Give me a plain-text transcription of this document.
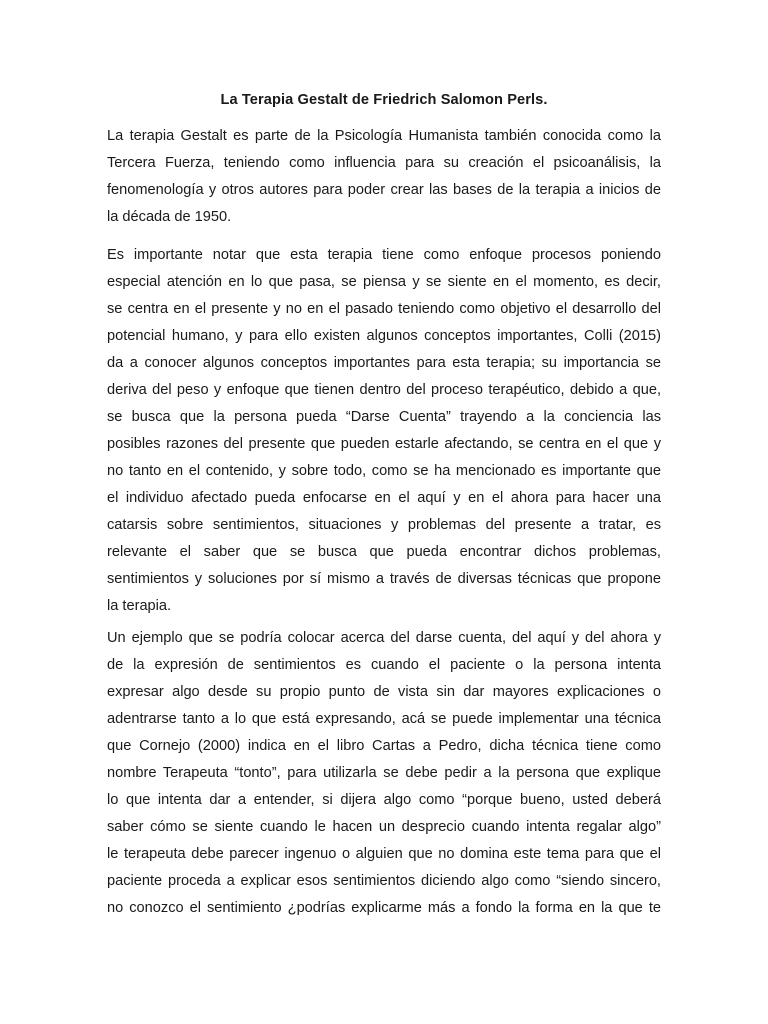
La Terapia Gestalt de Friedrich Salomon Perls.
La terapia Gestalt es parte de la Psicología Humanista también conocida como la
Tercera Fuerza, teniendo como influencia para su creación el psicoanálisis, la
fenomenología y otros autores para poder crear las bases de la terapia a inicios de
la década de 1950.
Es importante notar que esta terapia tiene como enfoque procesos poniendo
especial atención en lo que pasa, se piensa y se siente en el momento, es decir,
se centra en el presente y no en el pasado teniendo como objetivo el desarrollo del
potencial humano, y para ello existen algunos conceptos importantes, Colli (2015)
da a conocer algunos conceptos importantes para esta terapia; su importancia se
deriva del peso y enfoque que tienen dentro del proceso terapéutico, debido a que,
se busca que la persona pueda “Darse Cuenta” trayendo a la conciencia las
posibles razones del presente que pueden estarle afectando, se centra en el que y
no tanto en el contenido, y sobre todo, como se ha mencionado es importante que
el individuo afectado pueda enfocarse en el aquí y en el ahora para hacer una
catarsis sobre sentimientos, situaciones y problemas del presente a tratar, es
relevante el saber que se busca que pueda encontrar dichos problemas,
sentimientos y soluciones por sí mismo a través de diversas técnicas que propone
la terapia.
Un ejemplo que se podría colocar acerca del darse cuenta, del aquí y del ahora y
de la expresión de sentimientos es cuando el paciente o la persona intenta
expresar algo desde su propio punto de vista sin dar mayores explicaciones o
adentrarse tanto a lo que está expresando, acá se puede implementar una técnica
que Cornejo (2000) indica en el libro Cartas a Pedro, dicha técnica tiene como
nombre Terapeuta “tonto”, para utilizarla se debe pedir a la persona que explique
lo que intenta dar a entender, si dijera algo como “porque bueno, usted deberá
saber cómo se siente cuando le hacen un desprecio cuando intenta regalar algo”
le terapeuta debe parecer ingenuo o alguien que no domina este tema para que el
paciente proceda a explicar esos sentimientos diciendo algo como “siendo sincero,
no conozco el sentimiento ¿podrías explicarme más a fondo la forma en la que te
